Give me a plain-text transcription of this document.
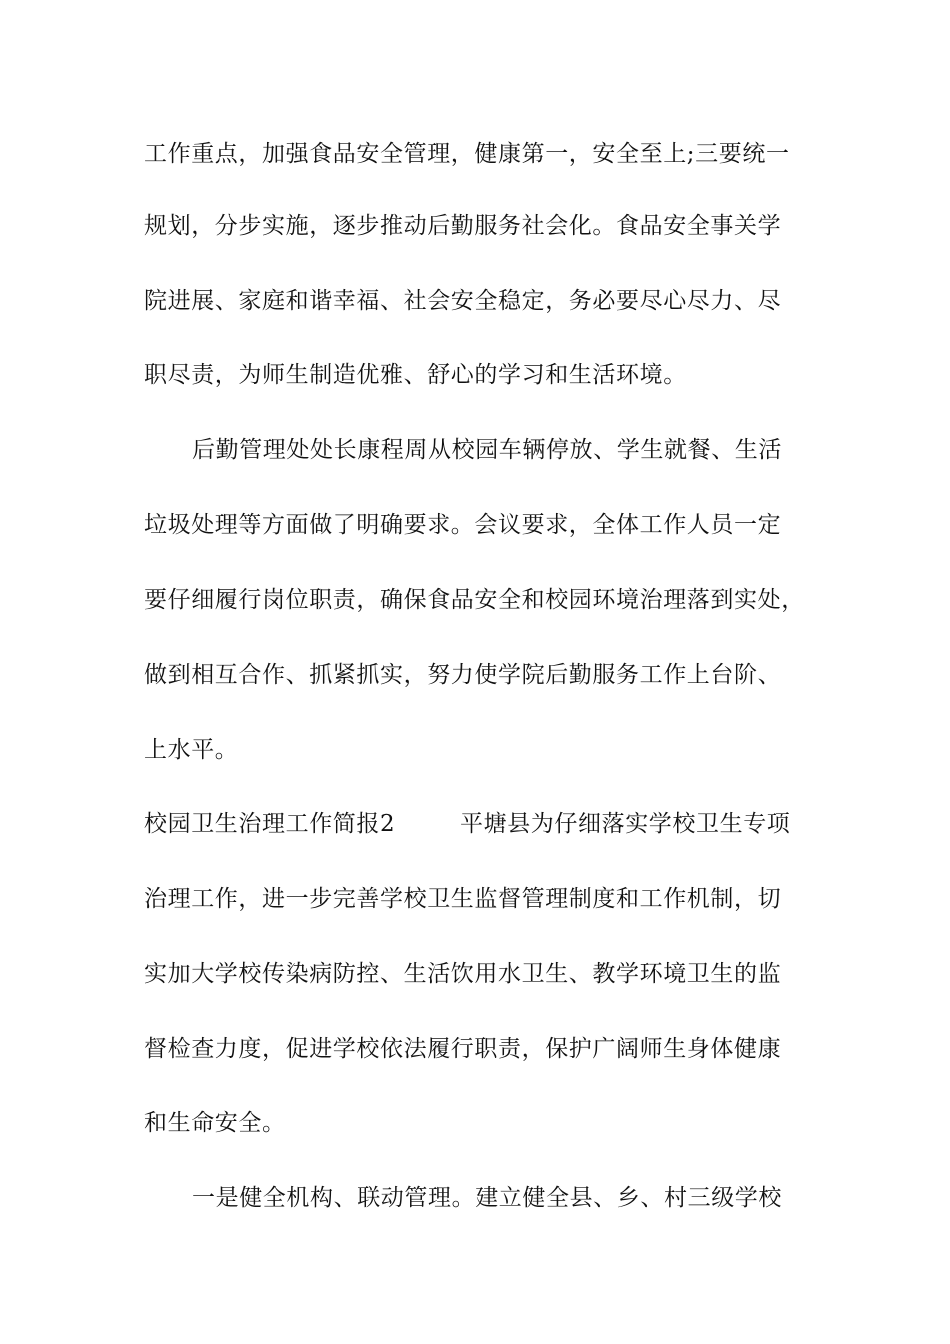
工作重点，加强食品安全管理，健康第一，安全至上;三要统一
规划，分步实施，逐步推动后勤服务社会化。食品安全事关学
院进展、家庭和谐幸福、社会安全稳定，务必要尽心尽力、尽
职尽责，为师生制造优雅、舒心的学习和生活环境。
后勤管理处处长康程周从校园车辆停放、学生就餐、生活
垃圾处理等方面做了明确要求。会议要求，全体工作人员一定
要仔细履行岗位职责，确保食品安全和校园环境治理落到实处，
做到相互合作、抓紧抓实，努力使学院后勤服务工作上台阶、
上水平。
校园卫生治理工作简报2	平塘县为仔细落实学校卫生专项
治理工作，进一步完善学校卫生监督管理制度和工作机制，切
实加大学校传染病防控、生活饮用水卫生、教学环境卫生的监
督检查力度，促进学校依法履行职责，保护广阔师生身体健康
和生命安全。
一是健全机构、联动管理。建立健全县、乡、村三级学校
